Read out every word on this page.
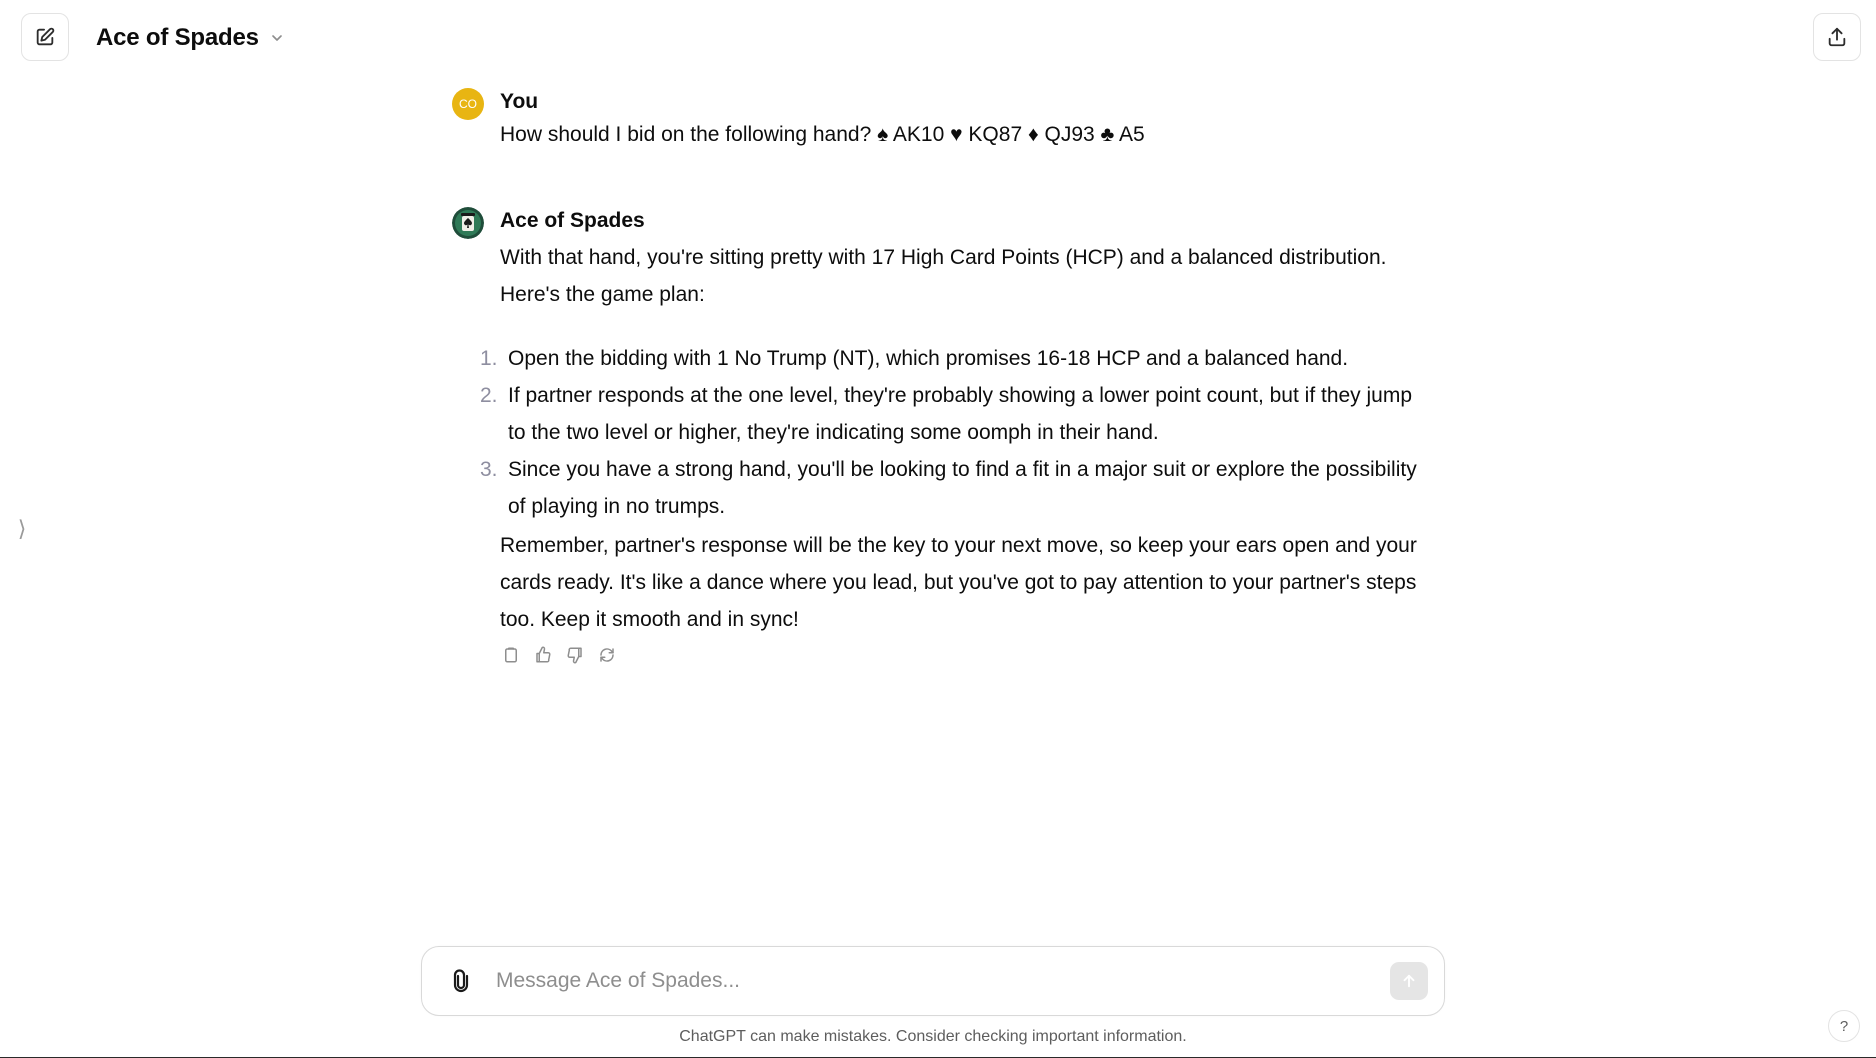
Ace of Spades
⟩
CO You
How should I bid on the following hand? ♠ AK10 ♥ KQ87 ♦ QJ93 ♣ A5
Ace of Spades
With that hand, you're sitting pretty with 17 High Card Points (HCP) and a balanced distribution.
Here's the game plan:
1. Open the bidding with 1 No Trump (NT), which promises 16-18 HCP and a balanced hand.
2. If partner responds at the one level, they're probably showing a lower point count, but if they jump to the two level or higher, they're indicating some oomph in their hand.
3. Since you have a strong hand, you'll be looking to find a fit in a major suit or explore the possibility of playing in no trumps.
Remember, partner's response will be the key to your next move, so keep your ears open and your cards ready. It's like a dance where you lead, but you've got to pay attention to your partner's steps too. Keep it smooth and in sync!
Message Ace of Spades...
ChatGPT can make mistakes. Consider checking important information.
?
